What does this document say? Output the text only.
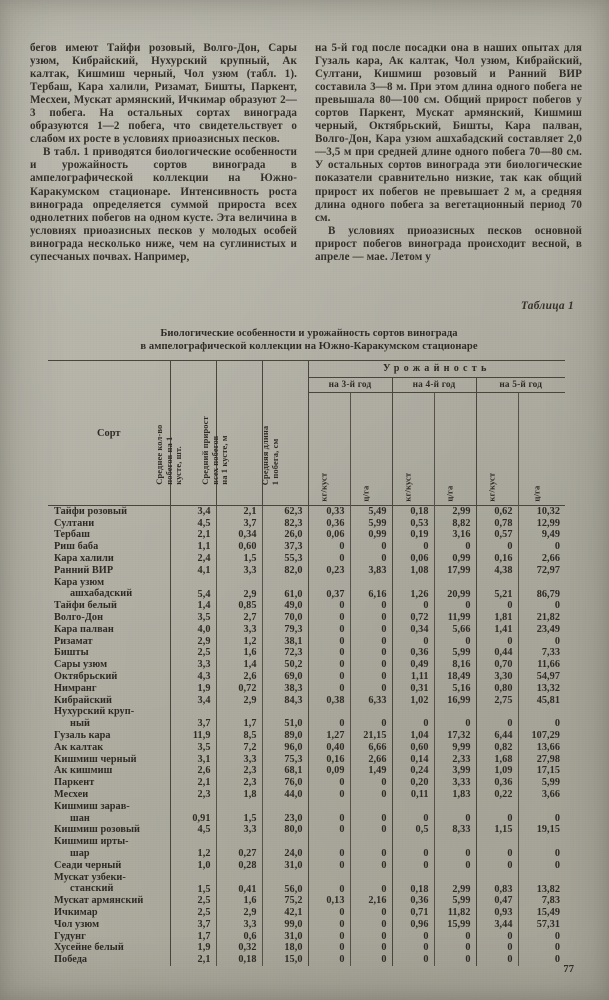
бегов имеют Тайфи розовый, Волго-Дон, Сары узюм, Кибрайский, Нухурский крупный, Ак калтак, Кишмиш черный, Чол узюм (табл. 1). Тербаш, Кара халили, Ризамат, Бишты, Паркент, Месхеи, Мускат армянский, Ичкимар образуют 2—3 побега. На остальных сортах винограда образуются 1—2 побега, что свидетельствует о слабом их росте в условиях приоазисных песков.

В табл. 1 приводятся биологические особенности и урожайность сортов винограда в ампелографической коллекции на Южно-Каракумском стационаре. Интенсивность роста винограда определяется суммой прироста всех однолетних побегов на одном кусте. Эта величина в условиях приоазисных песков у молодых особей винограда несколько ниже, чем на суглинистых и супесчаных почвах. Например,

на 5-й год после посадки она в наших опытах для Гузаль кара, Ак калтак, Чол узюм, Кибрайский, Султани, Кишмиш розовый и Ранний ВИР составила 3—8 м. При этом длина одного побега не превышала 80—100 см. Общий прирост побегов у сортов Паркент, Мускат армянский, Кишмиш черный, Октябрьский, Бишты, Кара палван, Волго-Дон, Кара узюм ашхабадский составляет 2,0—3,5 м при средней длине одного побега 70—80 см. У остальных сортов винограда эти биологические показатели сравнительно низкие, так как общий прирост их побегов не превышает 2 м, а средняя длина одного побега за вегетационный период 70 см.

В условиях приоазисных песков основной прирост побегов винограда происходит весной, в апреле — мае. Летом у

Таблица 1
Биологические особенности и урожайность сортов винограда
в ампелографической коллекции на Южно-Каракумском стационаре
Сорт	Среднее кол-во
побегов на 1
кусте, шт.	Средний прирост
всех побегов
на 1 кусте, м	Средняя длина
1 побега, см	Урожайность					
				на 3-й год		на 4-й год		на 5-й год	

				кг/куст	ц/га	кг/куст	ц/га	кг/куст	ц/га

Тайфи розовый	3,4	2,1	62,3	0,33	5,49	0,18	2,99	0,62	10,32
Султани	4,5	3,7	82,3	0,36	5,99	0,53	8,82	0,78	12,99
Тербаш	2,1	0,34	26,0	0,06	0,99	0,19	3,16	0,57	9,49
Риш баба	1,1	0,60	37,3	0	0	0	0	0	0
Кара халили	2,4	1,5	55,3	0	0	0,06	0,99	0,16	2,66
Ранний ВИР	4,1	3,3	82,0	0,23	3,83	1,08	17,99	4,38	72,97
Кара узюм	5,4	2,9	61,0	0,37	6,16	1,26	20,99	5,21	86,79
ашхабадский									
Тайфи белый	1,4	0,85	49,0	0	0	0	0	0	0
Волго-Дон	3,5	2,7	70,0	0	0	0,72	11,99	1,81	21,82
Кара палван	4,0	3,3	79,3	0	0	0,34	5,66	1,41	23,49
Ризамат	2,9	1,2	38,1	0	0	0	0	0	0
Бишты	2,5	1,6	72,3	0	0	0,36	5,99	0,44	7,33
Сары узюм	3,3	1,4	50,2	0	0	0,49	8,16	0,70	11,66
Октябрьский	4,3	2,6	69,0	0	0	1,11	18,49	3,30	54,97
Нимранг	1,9	0,72	38,3	0	0	0,31	5,16	0,80	13,32
Кибрайский	3,4	2,9	84,3	0,38	6,33	1,02	16,99	2,75	45,81
Нухурский круп-	3,7	1,7	51,0	0	0	0	0	0	0
ный									
Гузаль кара	11,9	8,5	89,0	1,27	21,15	1,04	17,32	6,44	107,29
Ак калтак	3,5	7,2	96,0	0,40	6,66	0,60	9,99	0,82	13,66
Кишмиш черный	3,1	3,3	75,3	0,16	2,66	0,14	2,33	1,68	27,98
Ак кишмиш	2,6	2,3	68,1	0,09	1,49	0,24	3,99	1,09	17,15
Паркент	2,1	2,3	76,0	0	0	0,20	3,33	0,36	5,99
Месхеи	2,3	1,8	44,0	0	0	0,11	1,83	0,22	3,66
Кишмиш зарав-	0,91	1,5	23,0	0	0	0	0	0	0
шан									
Кишмиш розовый	4,5	3,3	80,0	0	0	0,5	8,33	1,15	19,15
Кишмиш ирты-	1,2	0,27	24,0	0	0	0	0	0	0
шар									
Сеади черный	1,0	0,28	31,0	0	0	0	0	0	0
Мускат узбеки-	1,5	0,41	56,0	0	0	0,18	2,99	0,83	13,82
станский									
Мускат армянский	2,5	1,6	75,2	0,13	2,16	0,36	5,99	0,47	7,83
Ичкимар	2,5	2,9	42,1	0	0	0,71	11,82	0,93	15,49
Чол узюм	3,7	3,3	99,0	0	0	0,96	15,99	3,44	57,31
Гудунг	1,7	0,6	31,0	0	0	0	0	0	0
Хусейне белый	1,9	0,32	18,0	0	0	0	0	0	0
Победа	2,1	0,18	15,0	0	0	0	0	0	0
77
